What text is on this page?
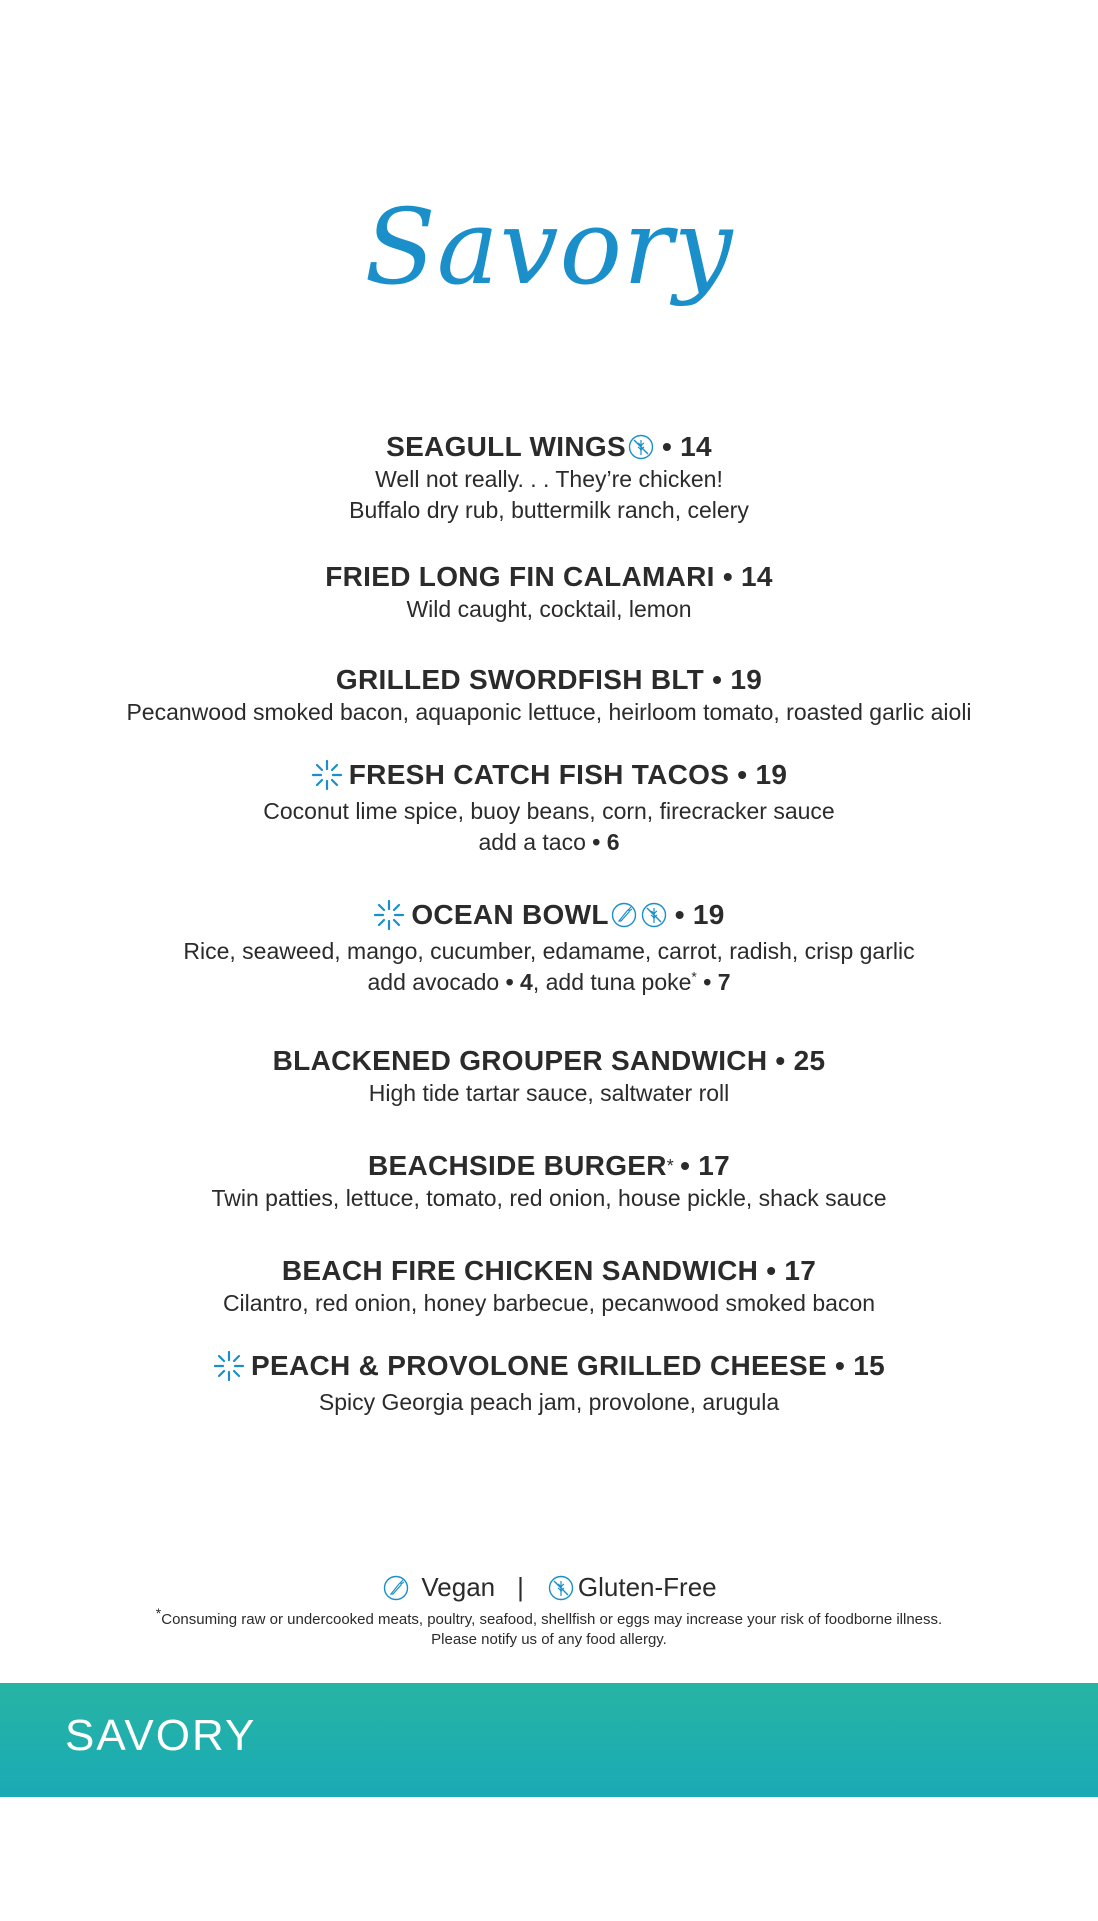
Savory
SEAGULL WINGS • 14
Well not really. . . They’re chicken!
Buffalo dry rub, buttermilk ranch, celery
FRIED LONG FIN CALAMARI • 14
Wild caught, cocktail, lemon
GRILLED SWORDFISH BLT • 19
Pecanwood smoked bacon, aquaponic lettuce, heirloom tomato, roasted garlic aioli
FRESH CATCH FISH TACOS • 19
Coconut lime spice, buoy beans, corn, firecracker sauce
add a taco • 6
OCEAN BOWL • 19
Rice, seaweed, mango, cucumber, edamame, carrot, radish, crisp garlic
add avocado • 4, add tuna poke* • 7
BLACKENED GROUPER SANDWICH • 25
High tide tartar sauce, saltwater roll
BEACHSIDE BURGER * • 17
Twin patties, lettuce, tomato, red onion, house pickle, shack sauce
BEACH FIRE CHICKEN SANDWICH • 17
Cilantro, red onion, honey barbecue, pecanwood smoked bacon
PEACH & PROVOLONE GRILLED CHEESE • 15
Spicy Georgia peach jam, provolone, arugula
Vegan | Gluten-Free
*Consuming raw or undercooked meats, poultry, seafood, shellfish or eggs may increase your risk of foodborne illness.
Please notify us of any food allergy.
SAVORY
